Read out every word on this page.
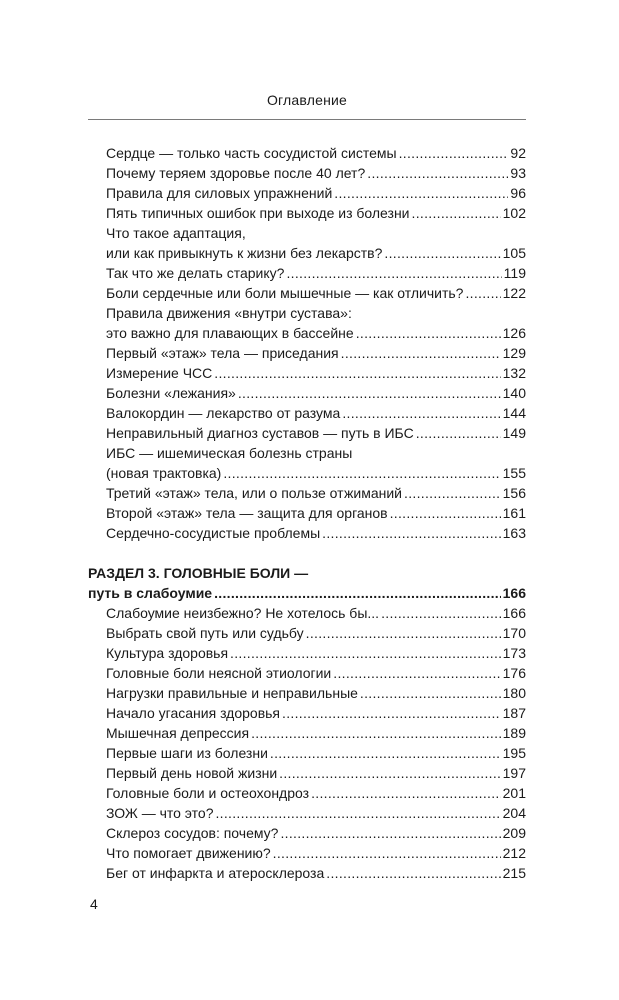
Оглавление
Сердце — только часть сосудистой системы .....	92
Почему теряем здоровье после 40 лет? .....	93
Правила для силовых упражнений .....	96
Пять типичных ошибок при выходе из болезни .....	102
Что такое адаптация,
или как привыкнуть к жизни без лекарств? .....	105
Так что же делать старику? .....	119
Боли сердечные или боли мышечные — как отличить? .....	122
Правила движения «внутри сустава»:
это важно для плавающих в бассейне .....	126
Первый «этаж» тела — приседания .....	129
Измерение ЧСС .....	132
Болезни «лежания» .....	140
Валокордин — лекарство от разума .....	144
Неправильный диагноз суставов — путь в ИБС .....	149
ИБС — ишемическая болезнь страны
(новая трактовка) .....	155
Третий «этаж» тела, или о пользе отжиманий .....	156
Второй «этаж» тела — защита для органов .....	161
Сердечно-сосудистые проблемы .....	163
РАЗДЕЛ 3. ГОЛОВНЫЕ БОЛИ —
путь в слабоумие .....	166
Слабоумие неизбежно? Не хотелось бы... .....	166
Выбрать свой путь или судьбу .....	170
Культура здоровья .....	173
Головные боли неясной этиологии .....	176
Нагрузки правильные и неправильные .....	180
Начало угасания здоровья .....	187
Мышечная депрессия .....	189
Первые шаги из болезни .....	195
Первый день новой жизни .....	197
Головные боли и остеохондроз .....	201
ЗОЖ — что это? .....	204
Склероз сосудов: почему? .....	209
Что помогает движению? .....	212
Бег от инфаркта и атеросклероза .....	215
4
